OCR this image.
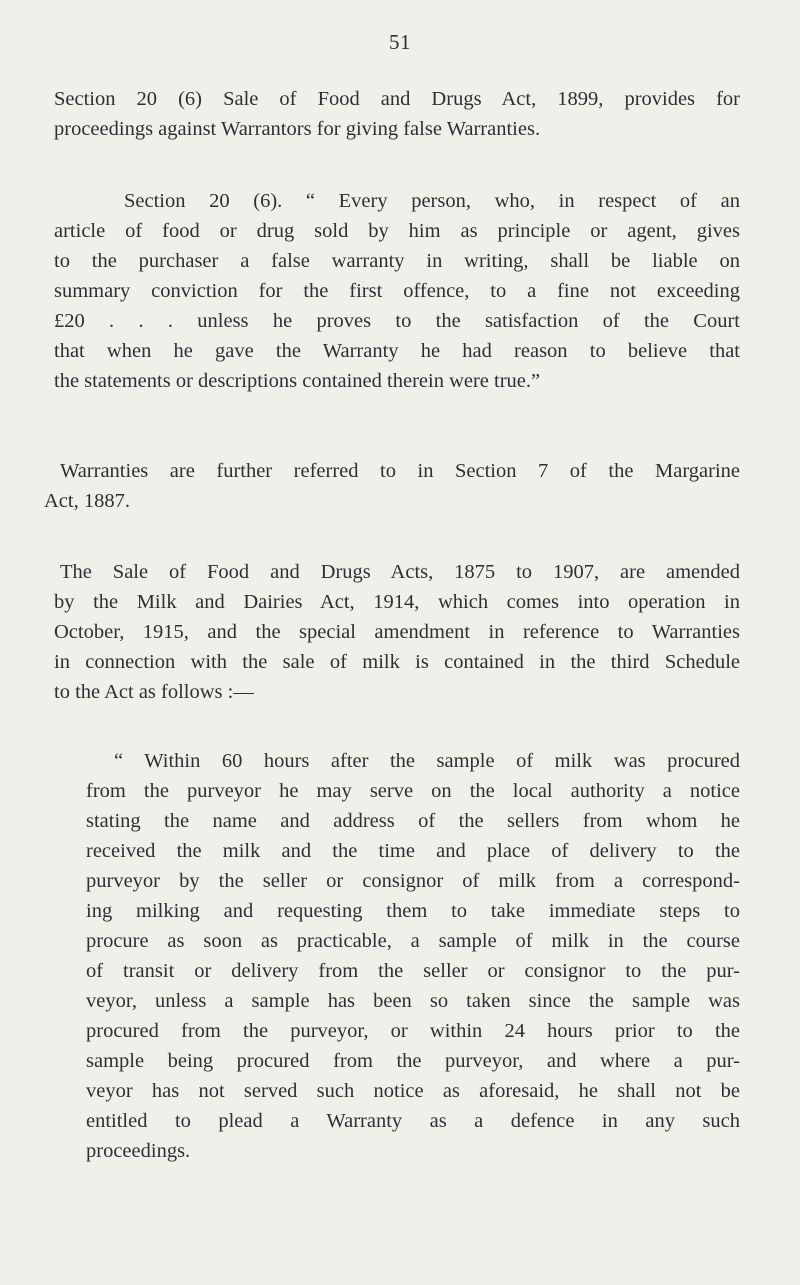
51
Section 20 (6) Sale of Food and Drugs Act, 1899, provides for
proceedings against Warrantors for giving false Warranties.
Section 20 (6). “ Every person, who, in respect of an
article of food or drug sold by him as principle or agent, gives
to the purchaser a false warranty in writing, shall be liable on
summary conviction for the first offence, to a fine not exceeding
£20 . . . unless he proves to the satisfaction of the Court
that when he gave the Warranty he had reason to believe that
the statements or descriptions contained therein were true.”
Warranties are further referred to in Section 7 of the Margarine
Act, 1887.
The Sale of Food and Drugs Acts, 1875 to 1907, are amended
by the Milk and Dairies Act, 1914, which comes into operation in
October, 1915, and the special amendment in reference to Warranties
in connection with the sale of milk is contained in the third Schedule
to the Act as follows :—
“ Within 60 hours after the sample of milk was procured
from the purveyor he may serve on the local authority a notice
stating the name and address of the sellers from whom he
received the milk and the time and place of delivery to the
purveyor by the seller or consignor of milk from a correspond-
ing milking and requesting them to take immediate steps to
procure as soon as practicable, a sample of milk in the course
of transit or delivery from the seller or consignor to the pur-
veyor, unless a sample has been so taken since the sample was
procured from the purveyor, or within 24 hours prior to the
sample being procured from the purveyor, and where a pur-
veyor has not served such notice as aforesaid, he shall not be
entitled to plead a Warranty as a defence in any such
proceedings.
